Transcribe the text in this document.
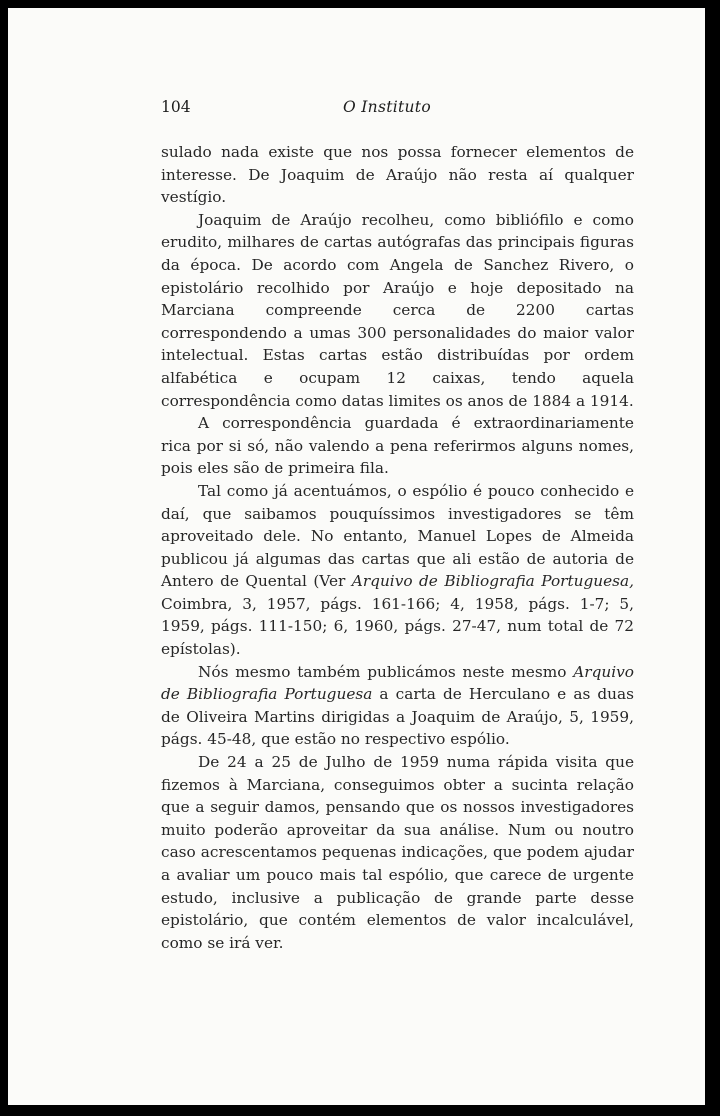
104	O Instituto

sulado nada existe que nos possa fornecer elementos de interesse. De Joaquim de Araújo não resta aí qualquer vestígio.

Joaquim de Araújo recolheu, como bibliófilo e como erudito, milhares de cartas autógrafas das principais figuras da época. De acordo com Angela de Sanchez Rivero, o epistolário recolhido por Araújo e hoje depositado na Marciana compreende cerca de 2200 cartas correspondendo a umas 300 personalidades do maior valor intelectual. Estas cartas estão distribuídas por ordem alfabética e ocupam 12 caixas, tendo aquela correspondência como datas limites os anos de 1884 a 1914.

A correspondência guardada é extraordinariamente rica por si só, não valendo a pena referirmos alguns nomes, pois eles são de primeira fila.

Tal como já acentuámos, o espólio é pouco conhecido e daí, que saibamos pouquíssimos investigadores se têm aproveitado dele. No entanto, Manuel Lopes de Almeida publicou já algumas das cartas que ali estão de autoria de Antero de Quental (Ver Arquivo de Bibliografia Portuguesa, Coimbra, 3, 1957, págs. 161-166; 4, 1958, págs. 1-7; 5, 1959, págs. 111-150; 6, 1960, págs. 27-47, num total de 72 epístolas).

Nós mesmo também publicámos neste mesmo Arquivo de Bibliografia Portuguesa a carta de Herculano e as duas de Oliveira Martins dirigidas a Joaquim de Araújo, 5, 1959, págs. 45-48, que estão no respectivo espólio.

De 24 a 25 de Julho de 1959 numa rápida visita que fizemos à Marciana, conseguimos obter a sucinta relação que a seguir damos, pensando que os nossos investigadores muito poderão aproveitar da sua análise. Num ou noutro caso acrescentamos pequenas indicações, que podem ajudar a avaliar um pouco mais tal espólio, que carece de urgente estudo, inclusive a publicação de grande parte desse epistolário, que contém elementos de valor incalculável, como se irá ver.
